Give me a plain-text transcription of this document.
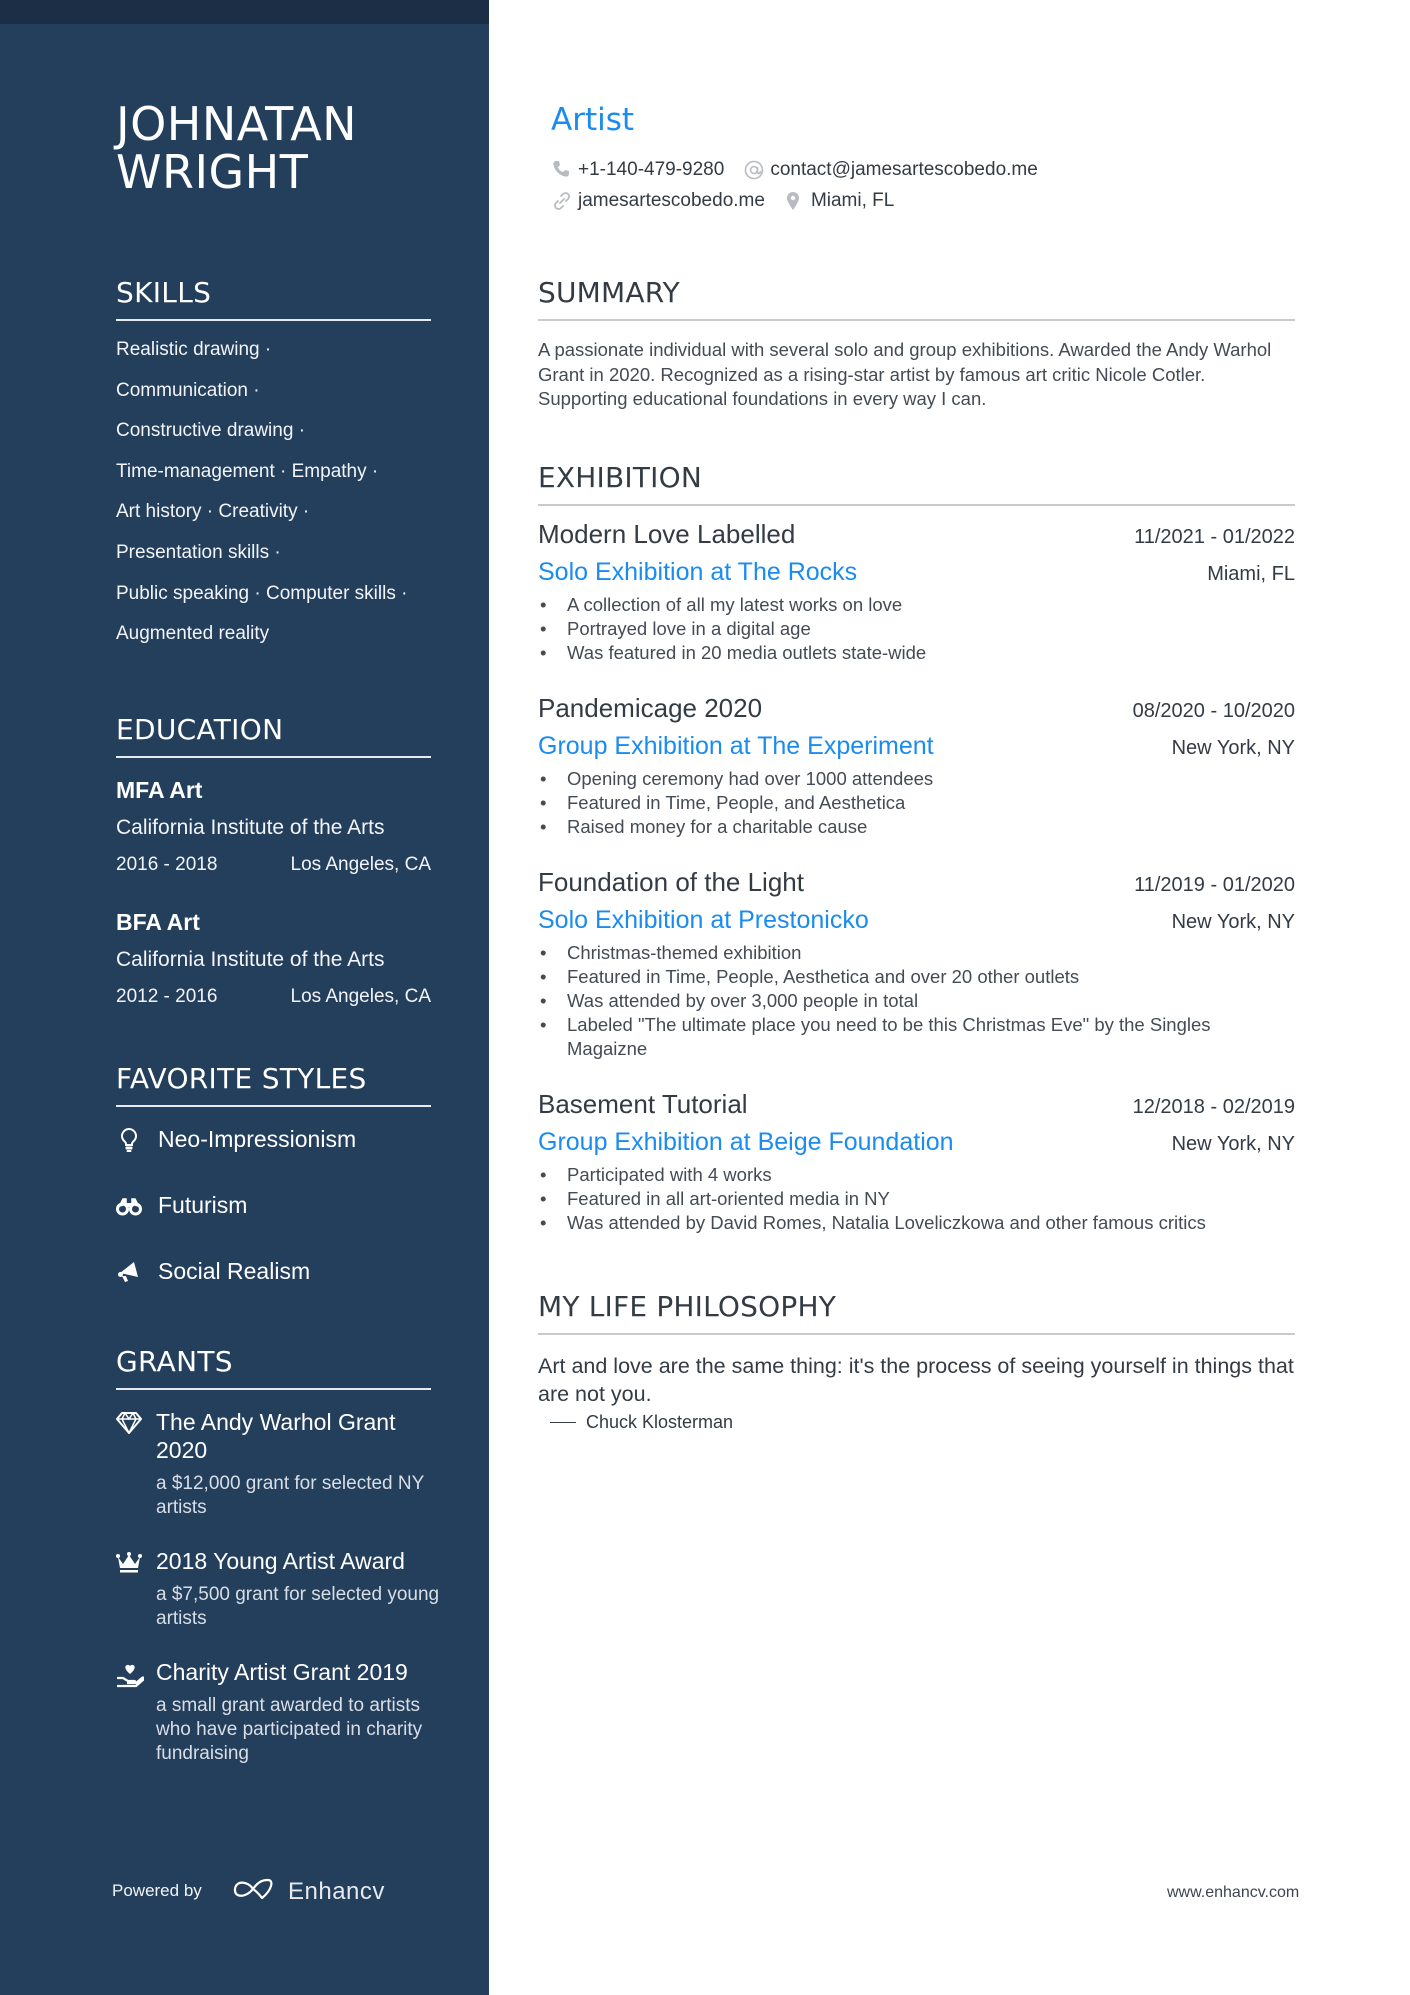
JOHNATAN
WRIGHT
SKILLS
Realistic drawing ·
Communication ·
Constructive drawing ·
Time-management · Empathy ·
Art history · Creativity ·
Presentation skills ·
Public speaking · Computer skills ·
Augmented reality
EDUCATION
MFA Art
California Institute of the Arts
2016 - 2018	Los Angeles, CA
BFA Art
California Institute of the Arts
2012 - 2016	Los Angeles, CA
FAVORITE STYLES
Neo-Impressionism
Futurism
Social Realism
GRANTS
The Andy Warhol Grant 2020
a $12,000 grant for selected NY artists
2018 Young Artist Award
a $7,500 grant for selected young artists
Charity Artist Grant 2019
a small grant awarded to artists who have participated in charity fundraising
Powered by	Enhancv
Artist
+1-140-479-9280 contact@jamesartescobedo.me
jamesartescobedo.me Miami, FL
SUMMARY
A passionate individual with several solo and group exhibitions. Awarded the Andy Warhol Grant in 2020. Recognized as a rising-star artist by famous art critic Nicole Cotler. Supporting educational foundations in every way I can.
EXHIBITION
Modern Love Labelled	11/2021 - 01/2022
Solo Exhibition at The Rocks	Miami, FL
• A collection of all my latest works on love
• Portrayed love in a digital age
• Was featured in 20 media outlets state-wide
Pandemicage 2020	08/2020 - 10/2020
Group Exhibition at The Experiment	New York, NY
• Opening ceremony had over 1000 attendees
• Featured in Time, People, and Aesthetica
• Raised money for a charitable cause
Foundation of the Light	11/2019 - 01/2020
Solo Exhibition at Prestonicko	New York, NY
• Christmas-themed exhibition
• Featured in Time, People, Aesthetica and over 20 other outlets
• Was attended by over 3,000 people in total
• Labeled "The ultimate place you need to be this Christmas Eve" by the Singles Magaizne
Basement Tutorial	12/2018 - 02/2019
Group Exhibition at Beige Foundation	New York, NY
• Participated with 4 works
• Featured in all art-oriented media in NY
• Was attended by David Romes, Natalia Loveliczkowa and other famous critics
MY LIFE PHILOSOPHY
Art and love are the same thing: it's the process of seeing yourself in things that are not you.
Chuck Klosterman
www.enhancv.com
